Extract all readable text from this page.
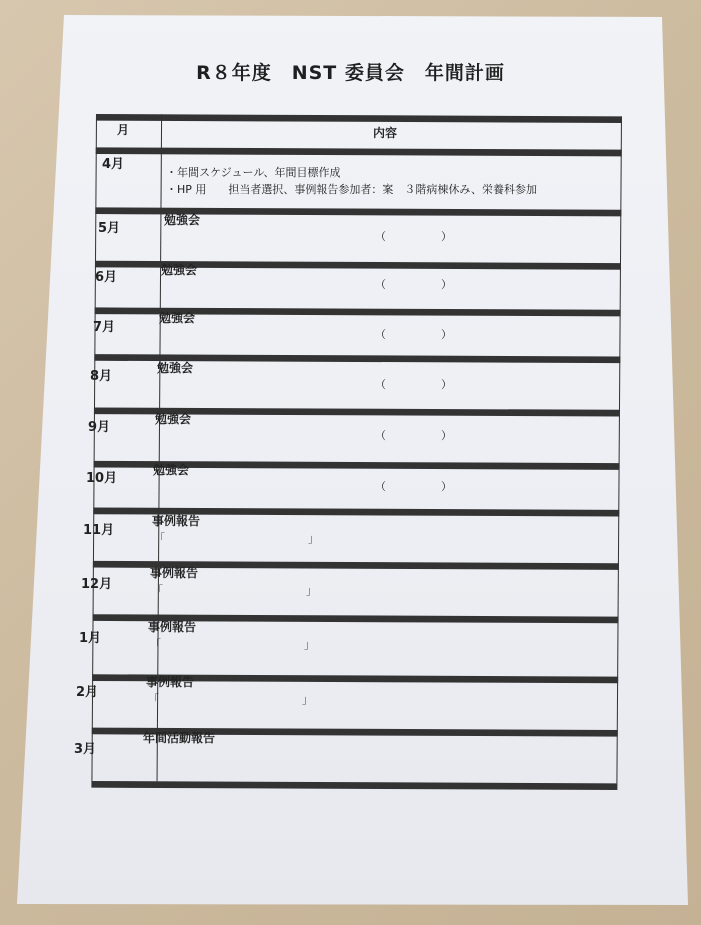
R８年度　NST 委員会　年間計画
月	内容
4月
・年間スケジュール、年間目標作成
・HP 用　　担当者選択、事例報告参加者：案　３階病棟休み、栄養科参加
5月
勉強会
（　　　　　）
6月	勉強会
（　　　　　）
7月
勉強会
（　　　　　）
8月
勉強会
（　　　　　）
9月
勉強会
（　　　　　）
10月
勉強会
（　　　　　）
11月
事例報告
「　　　　　　　　　　　　　」
12月
事例報告
「　　　　　　　　　　　　　」
1月
事例報告
「　　　　　　　　　　　　　」
2月
事例報告
「　　　　　　　　　　　　　」
3月
年間活動報告
